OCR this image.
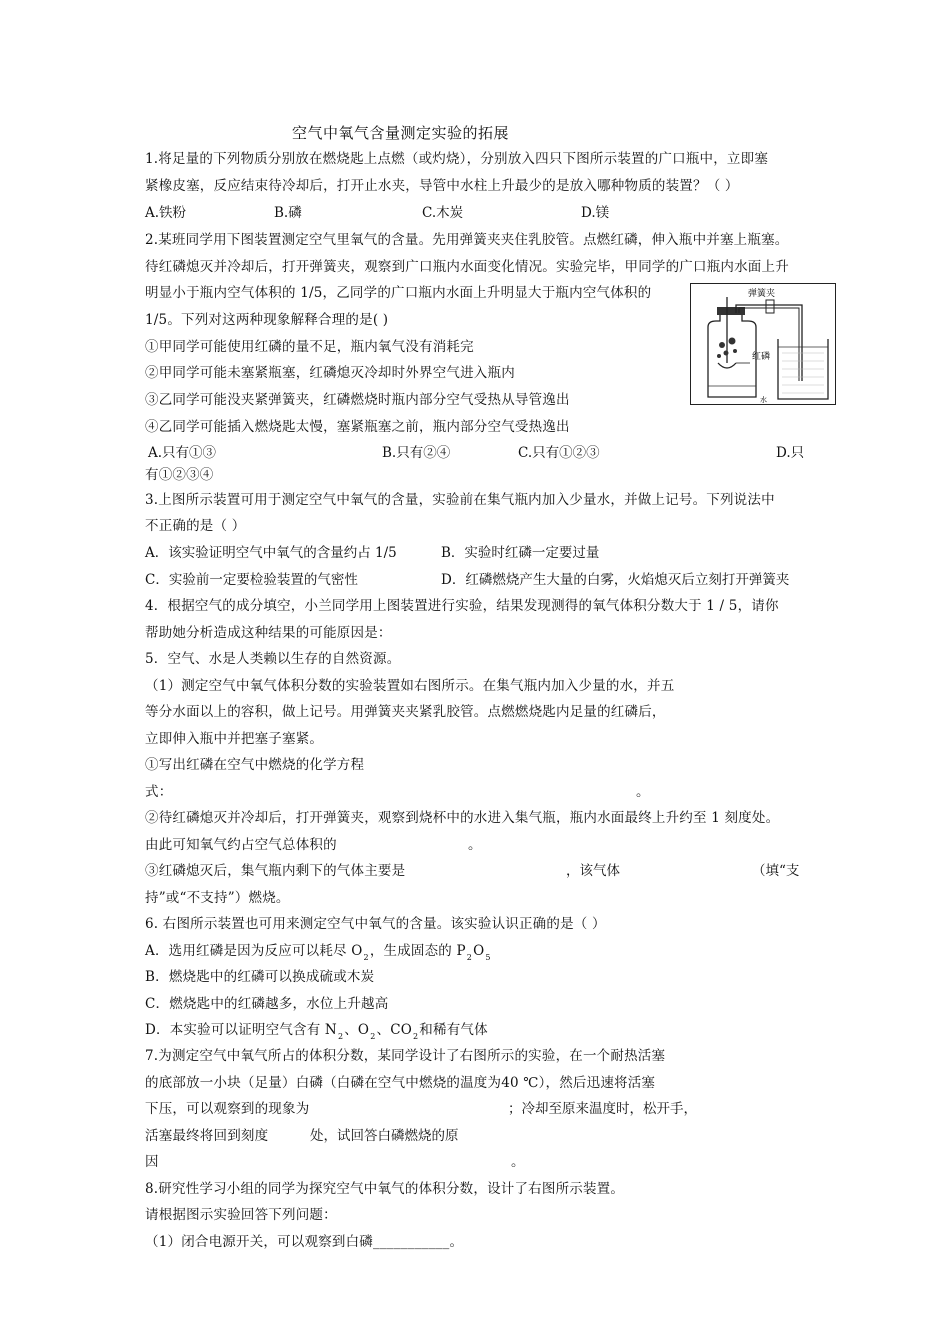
空气中氧气含量测定实验的拓展
1.将足量的下列物质分别放在燃烧匙上点燃（或灼烧），分别放入四只下图所示装置的广口瓶中，立即塞
紧橡皮塞，反应结束待冷却后，打开止水夹，导管中水柱上升最少的是放入哪种物质的装置？（ ）
A.铁粉	B.磷	C.木炭	D.镁
2.某班同学用下图装置测定空气里氧气的含量。先用弹簧夹夹住乳胶管。点燃红磷，伸入瓶中并塞上瓶塞。
待红磷熄灭并冷却后，打开弹簧夹，观察到广口瓶内水面变化情况。实验完毕，甲同学的广口瓶内水面上升
明显小于瓶内空气体积的 1/5，乙同学的广口瓶内水面上升明显大于瓶内空气体积的
1/5。下列对这两种现象解释合理的是( )
①甲同学可能使用红磷的量不足，瓶内氧气没有消耗完
②甲同学可能未塞紧瓶塞，红磷熄灭冷却时外界空气进入瓶内
③乙同学可能没夹紧弹簧夹，红磷燃烧时瓶内部分空气受热从导管逸出
④乙同学可能插入燃烧匙太慢，塞紧瓶塞之前，瓶内部分空气受热逸出
A.只有①③	B.只有②④	C.只有①②③	D.只
有①②③④
红磷
弹簧夹
水
3.上图所示装置可用于测定空气中氧气的含量，实验前在集气瓶内加入少量水，并做上记号。下列说法中
不正确的是（ ）
A．该实验证明空气中氧气的含量约占 1/5	B．实验时红磷一定要过量
C．实验前一定要检验装置的气密性	D．红磷燃烧产生大量的白雾，火焰熄灭后立刻打开弹簧夹
4．根据空气的成分填空，小兰同学用上图装置进行实验，结果发现测得的氧气体积分数大于 1 / 5，请你
帮助她分析造成这种结果的可能原因是：
5．空气、水是人类赖以生存的自然资源。
（1）测定空气中氧气体积分数的实验装置如右图所示。在集气瓶内加入少量的水，并五
等分水面以上的容积，做上记号。用弹簧夹夹紧乳胶管。点燃燃烧匙内足量的红磷后，
立即伸入瓶中并把塞子塞紧。
①写出红磷在空气中燃烧的化学方程
式：	。
②待红磷熄灭并冷却后，打开弹簧夹，观察到烧杯中的水进入集气瓶，瓶内水面最终上升约至 1 刻度处。
由此可知氧气约占空气总体积的	。
③红磷熄灭后，集气瓶内剩下的气体主要是	，该气体	（填“支
持”或“不支持”）燃烧。
6. 右图所示装置也可用来测定空气中氧气的含量。该实验认识正确的是（ ）
A．选用红磷是因为反应可以耗尽 $O_2$，生成固态的 $P_2O_5$
B．燃烧匙中的红磷可以换成硫或木炭
C．燃烧匙中的红磷越多，水位上升越高
D．本实验可以证明空气含有 $N_2$、$O_2$、$CO_2$和稀有气体
7.为测定空气中氧气所占的体积分数，某同学设计了右图所示的实验，在一个耐热活塞
的底部放一小块（足量）白磷（白磷在空气中燃烧的温度为40 ℃），然后迅速将活塞
下压，可以观察到的现象为	；冷却至原来温度时，松开手，
活塞最终将回到刻度	处，试回答白磷燃烧的原
因	。
8.研究性学习小组的同学为探究空气中氧气的体积分数，设计了右图所示装置。
请根据图示实验回答下列问题：
（1）闭合电源开关，可以观察到白磷___________。
